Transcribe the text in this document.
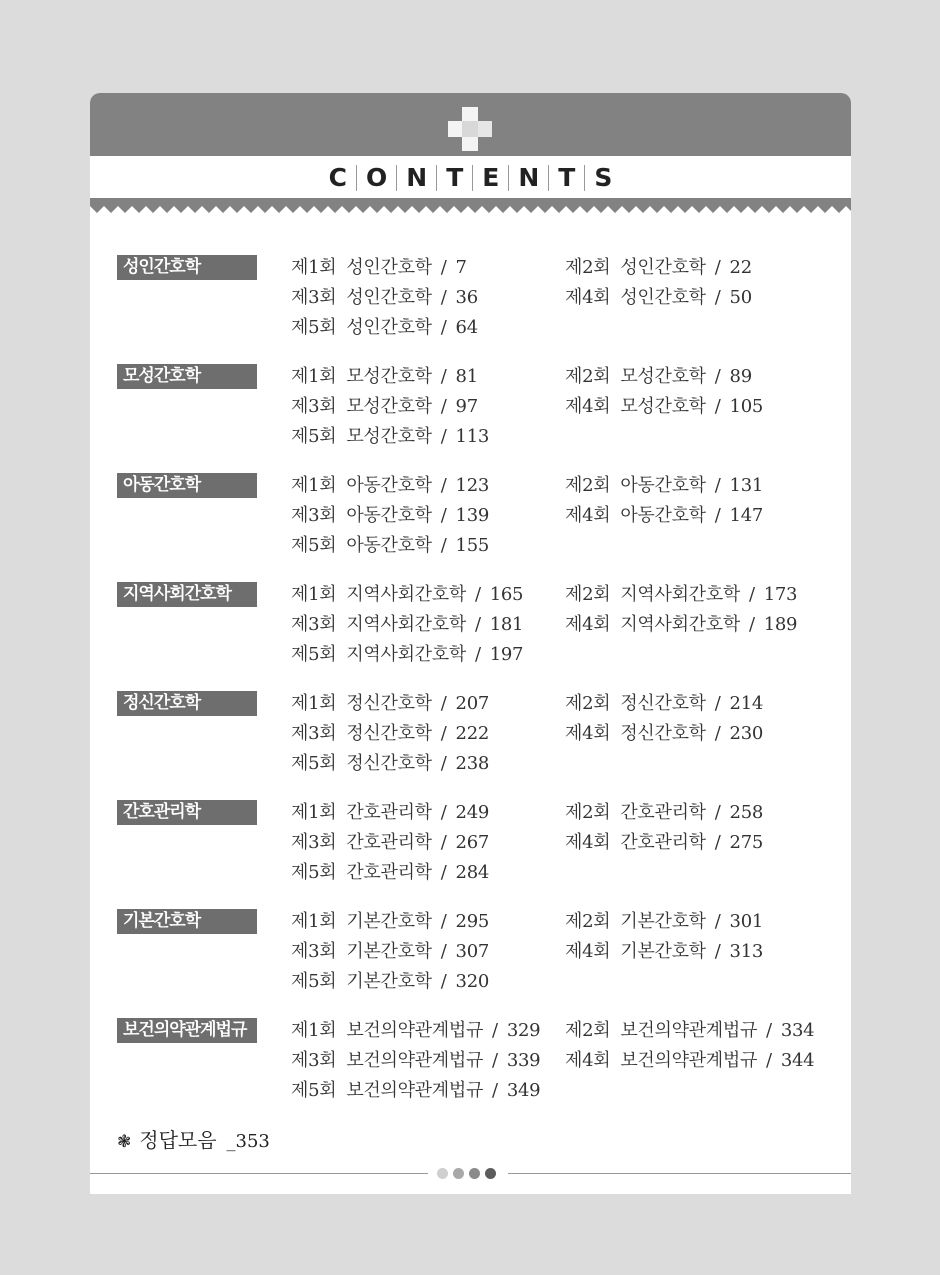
C O N T E N T S
성인간호학	제1회 성인간호학 / 7	제2회 성인간호학 / 22
제3회 성인간호학 / 36	제4회 성인간호학 / 50
제5회 성인간호학 / 64
모성간호학	제1회 모성간호학 / 81	제2회 모성간호학 / 89
제3회 모성간호학 / 97	제4회 모성간호학 / 105
제5회 모성간호학 / 113
아동간호학	제1회 아동간호학 / 123	제2회 아동간호학 / 131
제3회 아동간호학 / 139	제4회 아동간호학 / 147
제5회 아동간호학 / 155
지역사회간호학	제1회 지역사회간호학 / 165 제2회 지역사회간호학 / 173
제3회 지역사회간호학 / 181 제4회 지역사회간호학 / 189
제5회 지역사회간호학 / 197
정신간호학	제1회 정신간호학 / 207	제2회 정신간호학 / 214
제3회 정신간호학 / 222	제4회 정신간호학 / 230
제5회 정신간호학 / 238
간호관리학	제1회 간호관리학 / 249	제2회 간호관리학 / 258
제3회 간호관리학 / 267	제4회 간호관리학 / 275
제5회 간호관리학 / 284
기본간호학	제1회 기본간호학 / 295	제2회 기본간호학 / 301
제3회 기본간호학 / 307	제4회 기본간호학 / 313
제5회 기본간호학 / 320
보건의약관계법규	제1회 보건의약관계법규 / 329 제2회 보건의약관계법규 / 334
제3회 보건의약관계법규 / 339 제4회 보건의약관계법규 / 344
제5회 보건의약관계법규 / 349
❃ 정답모음 _353
